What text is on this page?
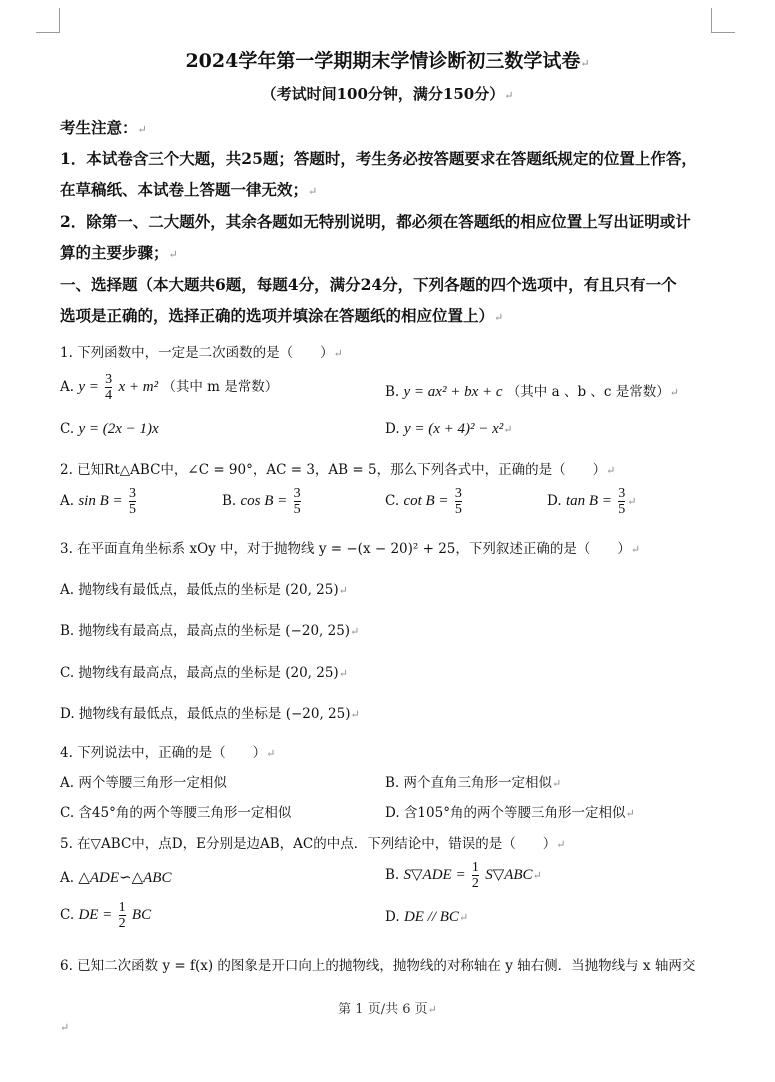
2024学年第一学期期末学情诊断初三数学试卷↵
（考试时间100分钟，满分150分）↵
考生注意：↵
1．本试卷含三个大题，共25题；答题时，考生务必按答题要求在答题纸规定的位置上作答，
在草稿纸、本试卷上答题一律无效；↵
2．除第一、二大题外，其余各题如无特别说明，都必须在答题纸的相应位置上写出证明或计
算的主要步骤；↵
一、选择题（本大题共6题，每题4分，满分24分，下列各题的四个选项中，有且只有一个
选项是正确的，选择正确的选项并填涂在答题纸的相应位置上）↵
1. 下列函数中，一定是二次函数的是（　　）↵
A. $y = \frac{3}{4}$ x + m² （其中 m 是常数）	B. y = ax² + bx + c （其中 a 、b 、c 是常数）↵
C. y = (2x − 1)x	D. y = (x + 4)² − x²↵
2. 已知Rt△ABC中，∠C = 90°，AC = 3，AB = 5，那么下列各式中，正确的是（　　）↵
A. $\sin B = \frac{3}{5}$	B. $\cos B = \frac{3}{5}$	C. $\cot B = \frac{3}{5}$	D. $\tan B = \frac{3}{5}$ ↵
3. 在平面直角坐标系 xOy 中，对于抛物线 y = −(x − 20)² + 25，下列叙述正确的是（　　）↵
A. 抛物线有最低点，最低点的坐标是 (20, 25)↵
B. 抛物线有最高点，最高点的坐标是 (−20, 25)↵
C. 抛物线有最高点，最高点的坐标是 (20, 25)↵
D. 抛物线有最低点，最低点的坐标是 (−20, 25)↵
4. 下列说法中，正确的是（　　）↵
A. 两个等腰三角形一定相似	B. 两个直角三角形一定相似↵
C. 含45°角的两个等腰三角形一定相似	D. 含105°角的两个等腰三角形一定相似↵
5. 在▽ABC中，点D，E分别是边AB，AC的中点．下列结论中，错误的是（　　）↵
A. △ADE∽△ABC	B. S▽ADE = $\frac{1}{2}$ S▽ABC↵
C. DE = $\frac{1}{2}$ BC	D. DE // BC↵
6. 已知二次函数 y = f(x) 的图象是开口向上的抛物线，抛物线的对称轴在 y 轴右侧．当抛物线与 x 轴两交
第 1 页/共 6 页↵
↵
